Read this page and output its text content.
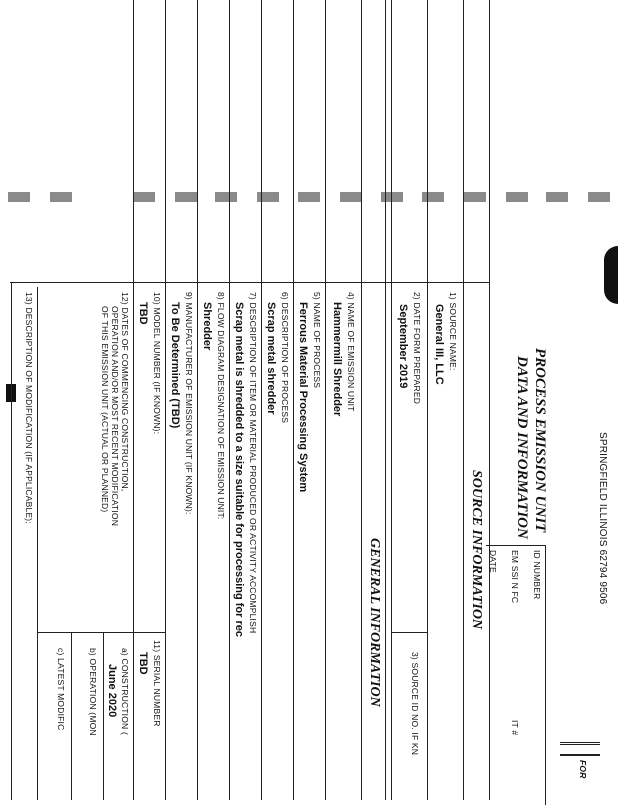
SPRINGFIELD ILLINOIS 62794 9506
PROCESS EMISSION UNIT
DATA AND INFORMATION
ID NUMBER
EM SSI N FC
DATE
IT #
FOR
SOURCE INFORMATION
1) SOURCE NAME:
General III, LLC
2) DATE FORM PREPARED
September 2019
3) SOURCE ID NO. IF KN
GENERAL INFORMATION
4) NAME OF EMISSION UNIT
Hammermill Shredder
5) NAME OF PROCESS
Ferrous Material Processing System
6) DESCRIPTION OF PROCESS
Scrap metal shredder
7) DESCRIPTION OF ITEM OR MATERIAL PRODUCED OR ACTIVITY ACCOMPLISH
Scrap metal is shredded to a size suitable for processing for rec
8) FLOW DIAGRAM DESIGNATION OF EMISSION UNIT:
Shredder
9) MANUFACTURER OF EMISSION UNIT (IF KNOWN):
To Be Determined (TBD)
10) MODEL NUMBER (IF KNOWN):
TBD
11) SERIAL NUMBER
TBD
12) DATES OF COMMENCING CONSTRUCTION,
OPERATION AND/OR MOST RECENT MODIFICATION
OF THIS EMISSION UNIT (ACTUAL OR PLANNED)
a) CONSTRUCTION (
June 2020
b) OPERATION (MON
c) LATEST MODIFIC
13) DESCRIPTION OF MODIFICATION (IF APPLICABLE):
